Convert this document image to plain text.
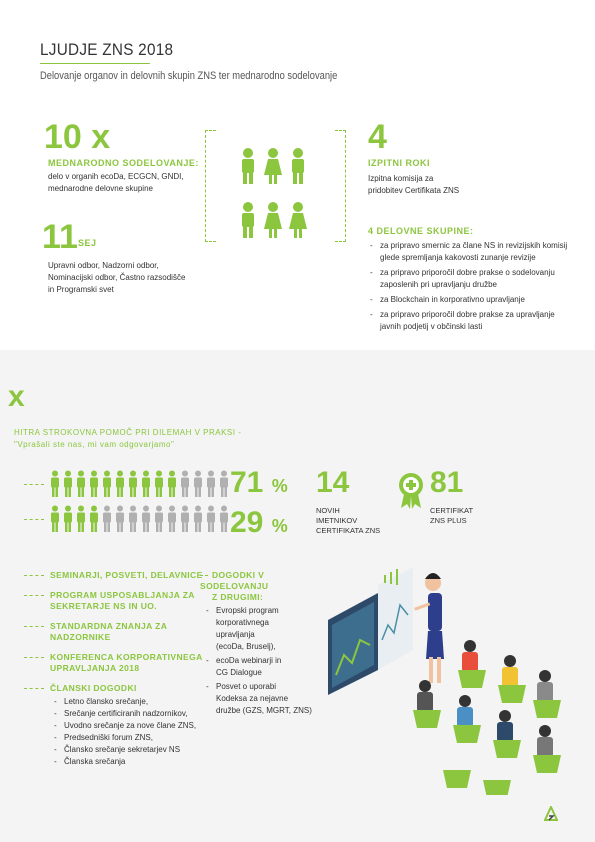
LJUDJE ZNS 2018
Delovanje organov in delovnih skupin ZNS ter mednarodno sodelovanje
10 x
MEDNARODNO SODELOVANJE:
delo v organih ecoDa, ECGCN, GNDI,
mednarodne delovne skupine
11 SEJ
Upravni odbor, Nadzorni odbor,
Nominacijski odbor, Častno razsodišče
in Programski svet
4
IZPITNI ROKI
Izpitna komisija za
pridobitev Certifikata ZNS
4 DELOVNE SKUPINE:
- za pripravo smernic za člane NS in revizijskih komisij
glede spremljanja kakovosti zunanje revizije
- za pripravo priporočil dobre prakse o sodelovanju
zaposlenih pri upravljanju družbe
- za Blockchain in korporativno upravljanje
- za pripravo priporočil dobre prakse za upravljanje
javnih podjetij v občinski lasti
x
HITRA STROKOVNA POMOČ PRI DILEMAH V PRAKSI -
"Vprašali ste nas, mi vam odgovarjamo"
71 %
29 %
14
NOVIH
IMETNIKOV
CERTIFIKATA ZNS
81
CERTIFIKAT
ZNS PLUS
SEMINARJI, POSVETI, DELAVNICE
PROGRAM USPOSABLJANJA ZA
SEKRETARJE NS IN UO.
STANDARDNA ZNANJA ZA
NADZORNIKE
KONFERENCA KORPORATIVNEGA
UPRAVLJANJA 2018
ČLANSKI DOGODKI
- Letno člansko srečanje,
- Srečanje certificiranih nadzornikov,
- Uvodno srečanje za nove člane ZNS,
- Predsedniški forum ZNS,
- Člansko srečanje sekretarjev NS
- Članska srečanja
DOGODKI V SODELOVANJU
Z DRUGIMI:
- Evropski program
korporativnega
upravljanja
(ecoDa, Bruselj),
- ecoDa webinarji in
CG Dialogue
- Posvet o uporabi
Kodeksa za nejavne
družbe (GZS, MGRT, ZNS)
